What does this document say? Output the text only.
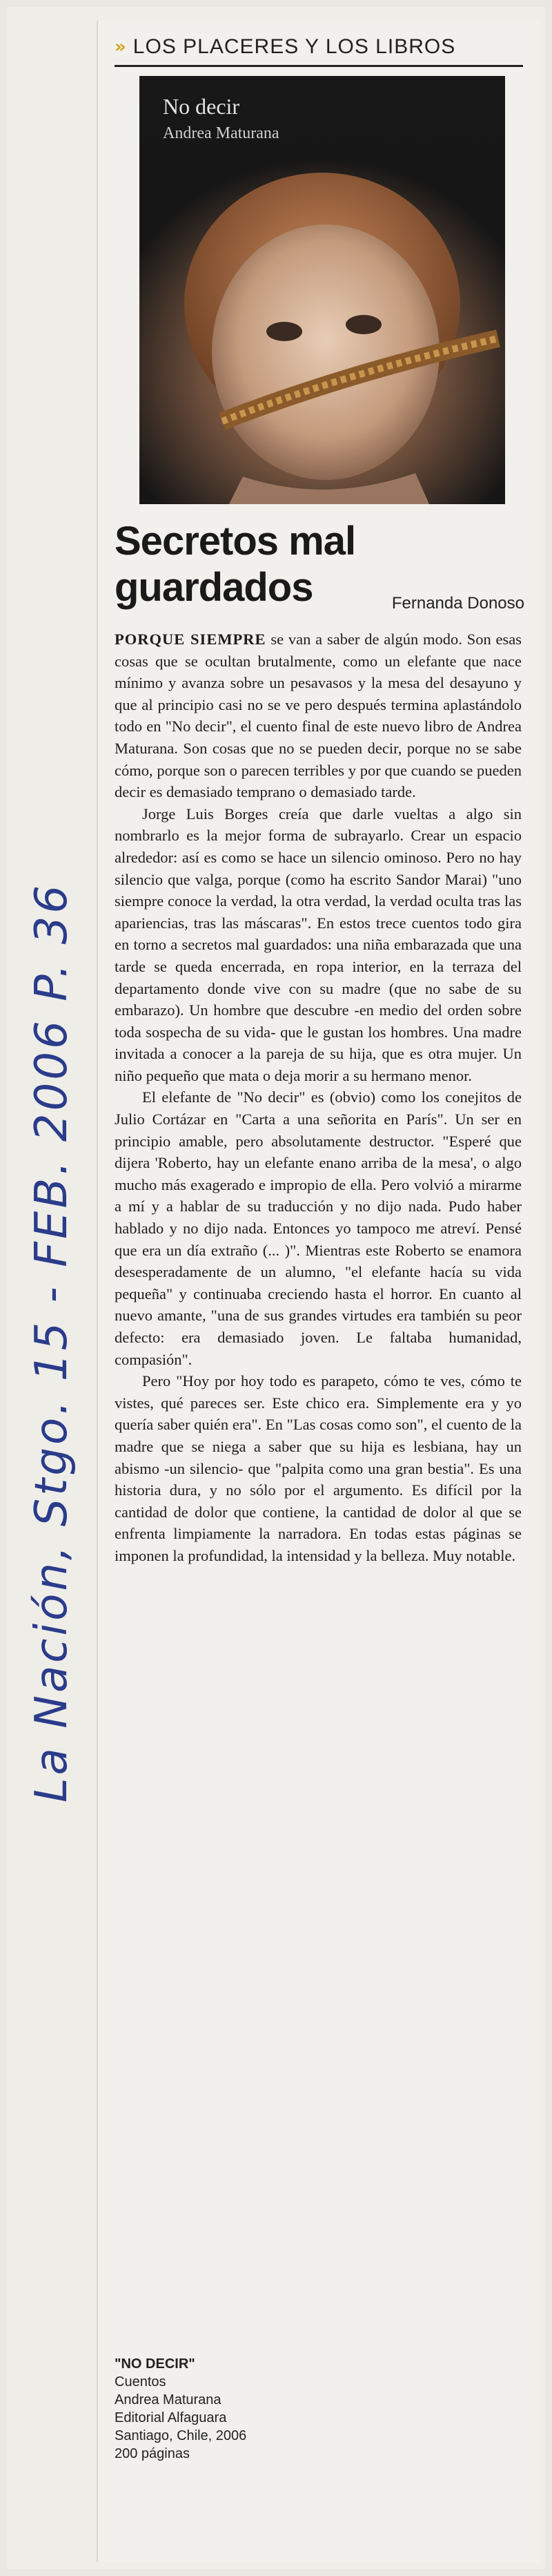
La Nación, Stgo. 15 - FEB. 2006 P. 36
» LOS PLACERES Y LOS LIBROS
No decir
Andrea Maturana
Secretos mal guardados	Fernanda Donoso

PORQUE SIEMPRE se van a saber de algún modo. Son esas cosas que se ocultan brutalmente, como un elefante que nace mínimo y avanza sobre un pesavasos y la mesa del desayuno y que al principio casi no se ve pero después termina aplastándolo todo en "No decir", el cuento final de este nuevo libro de Andrea Maturana. Son cosas que no se pueden decir, porque no se sabe cómo, porque son o parecen terribles y por que cuando se pueden decir es demasiado temprano o demasiado tarde.

Jorge Luis Borges creía que darle vueltas a algo sin nombrarlo es la mejor forma de subrayarlo. Crear un espacio alrededor: así es como se hace un silencio ominoso. Pero no hay silencio que valga, porque (como ha escrito Sandor Marai) "uno siempre conoce la verdad, la otra verdad, la verdad oculta tras las apariencias, tras las máscaras". En estos trece cuentos todo gira en torno a secretos mal guardados: una niña embarazada que una tarde se queda encerrada, en ropa interior, en la terraza del departamento donde vive con su madre (que no sabe de su embarazo). Un hombre que descubre -en medio del orden sobre toda sospecha de su vida- que le gustan los hombres. Una madre invitada a conocer a la pareja de su hija, que es otra mujer. Un niño pequeño que mata o deja morir a su hermano menor.

El elefante de "No decir" es (obvio) como los conejitos de Julio Cortázar en "Carta a una señorita en París". Un ser en principio amable, pero absolutamente destructor. "Esperé que dijera 'Roberto, hay un elefante enano arriba de la mesa', o algo mucho más exagerado e impropio de ella. Pero volvió a mirarme a mí y a hablar de su traducción y no dijo nada. Pudo haber hablado y no dijo nada. Entonces yo tampoco me atreví. Pensé que era un día extraño (... )". Mientras este Roberto se enamora desesperadamente de un alumno, "el elefante hacía su vida pequeña" y continuaba creciendo hasta el horror. En cuanto al nuevo amante, "una de sus grandes virtudes era también su peor defecto: era demasiado joven. Le faltaba humanidad, compasión".

Pero "Hoy por hoy todo es parapeto, cómo te ves, cómo te vistes, qué pareces ser. Este chico era. Simplemente era y yo quería saber quién era". En "Las cosas como son", el cuento de la madre que se niega a saber que su hija es lesbiana, hay un abismo -un silencio- que "palpita como una gran bestia". Es una historia dura, y no sólo por el argumento. Es difícil por la cantidad de dolor que contiene, la cantidad de dolor al que se enfrenta limpiamente la narradora. En todas estas páginas se imponen la profundidad, la intensidad y la belleza. Muy notable.

"NO DECIR"
Cuentos
Andrea Maturana
Editorial Alfaguara
Santiago, Chile, 2006
200 páginas
